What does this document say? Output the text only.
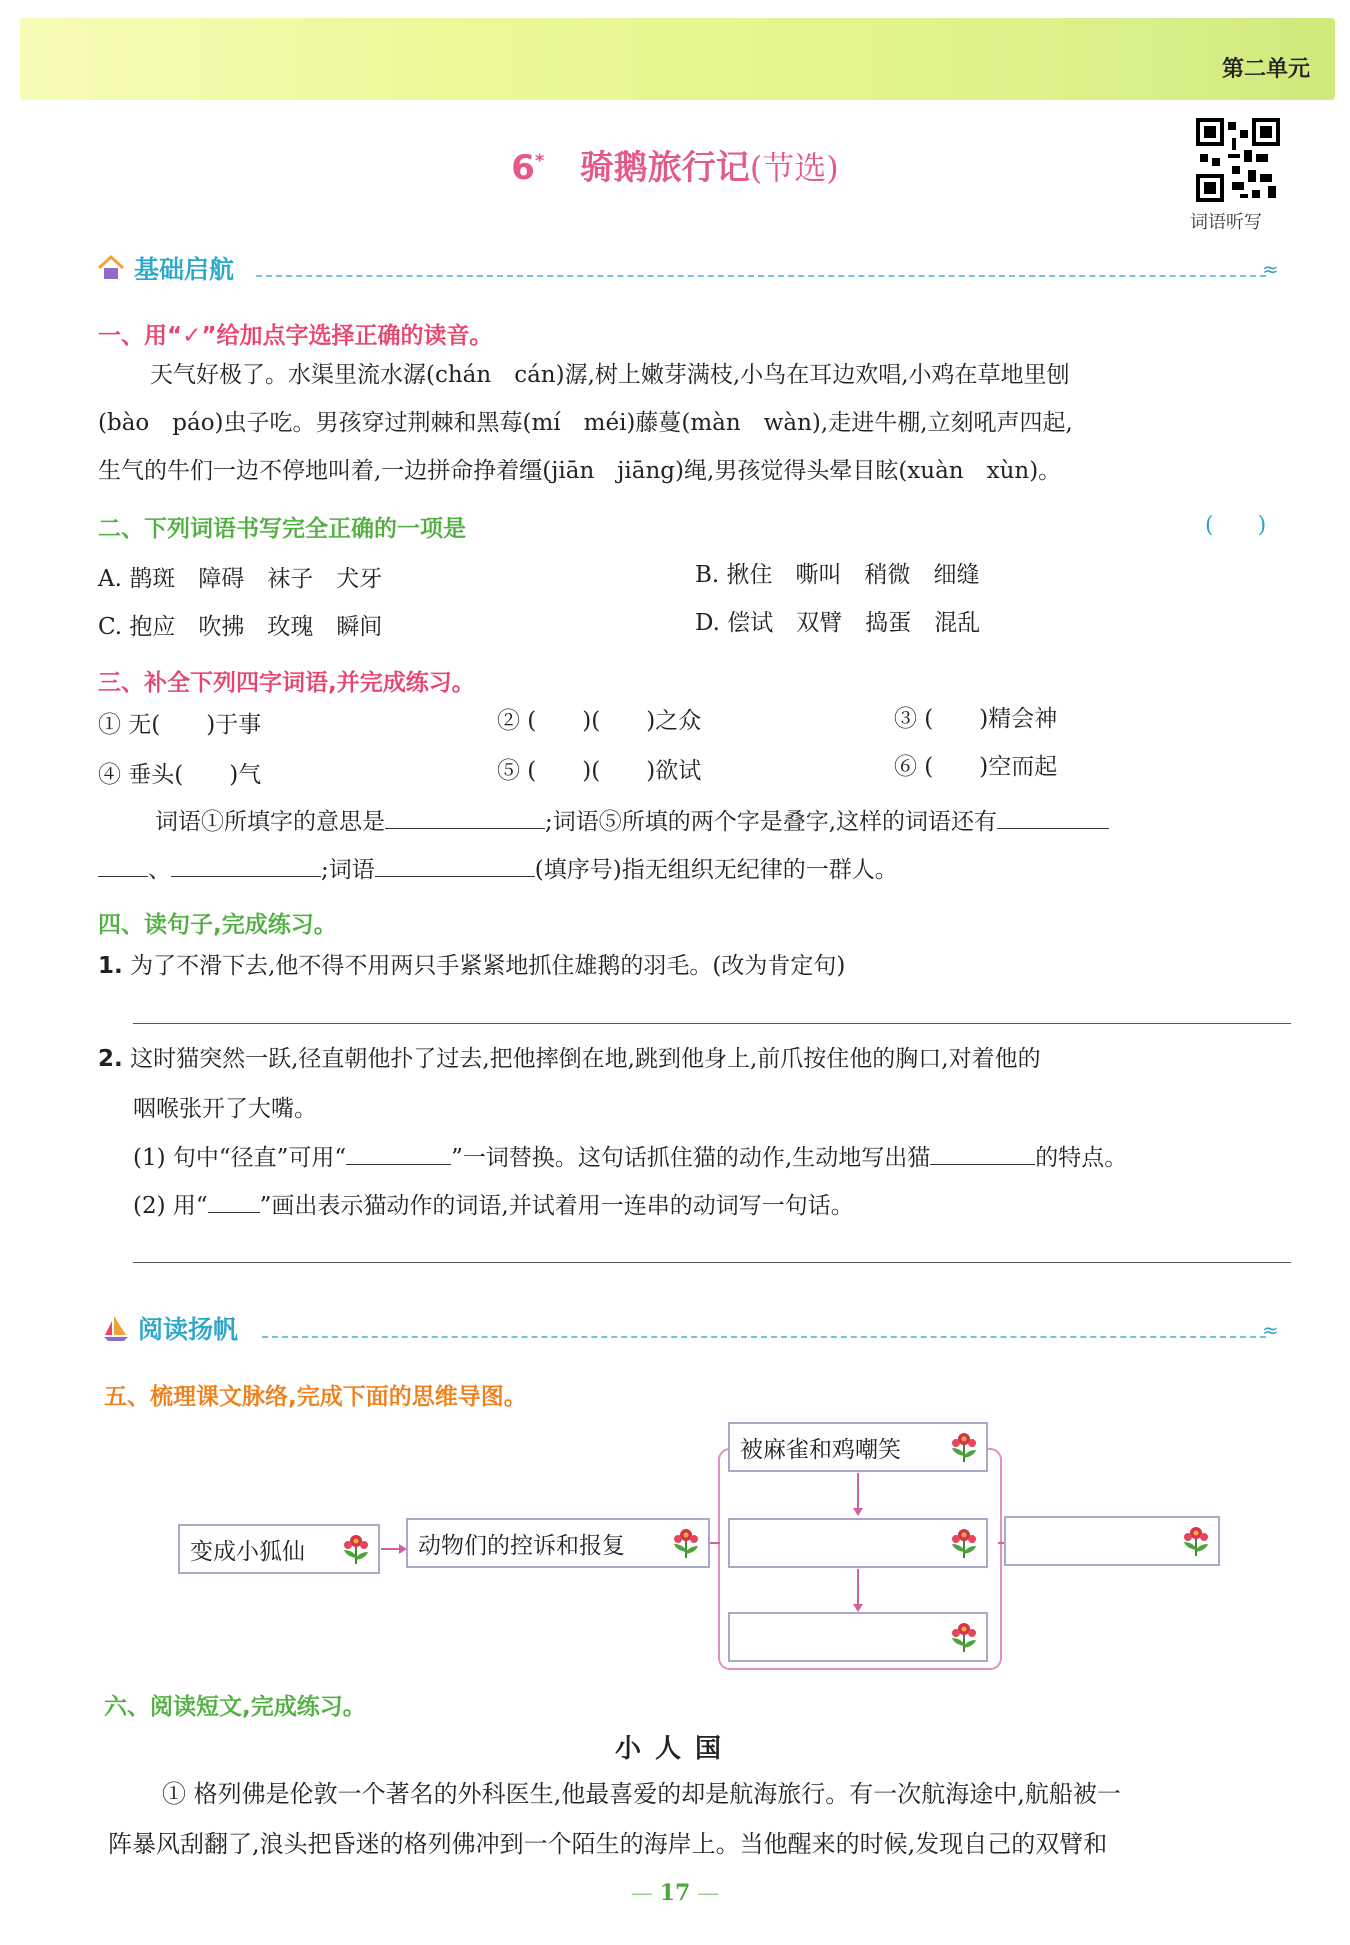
第二单元
6* 骑鹅旅行记(节选)
词语听写
基础启航	≈
一、用“✓”给加点字选择正确的读音。
天气好极了。水渠里流水潺(chán　cán)潺,树上嫩芽满枝,小鸟在耳边欢唱,小鸡在草地里刨
(bào　páo)虫子吃。男孩穿过荆棘和黑莓(mí　méi)藤蔓(màn　wàn),走进牛棚,立刻吼声四起,
生气的牛们一边不停地叫着,一边拼命挣着缰(jiān　jiāng)绳,男孩觉得头晕目眩(xuàn　xùn)。
二、下列词语书写完全正确的一项是	(　　)
A. 鹊斑　障碍　袜子　犬牙	B. 揪住　嘶叫　稍微　细缝
C. 抱应　吹拂　玫瑰　瞬间	D. 偿试　双臂　捣蛋　混乱
三、补全下列四字词语,并完成练习。
① 无(　　)于事	② (　　)(　　)之众	③ (　　)精会神
④ 垂头(　　)气	⑤ (　　)(　　)欲试	⑥ (　　)空而起
词语①所填字的意思是	;词语⑤所填的两个字是叠字,这样的词语还有
、	;词语	(填序号)指无组织无纪律的一群人。
四、读句子,完成练习。
1. 为了不滑下去,他不得不用两只手紧紧地抓住雄鹅的羽毛。(改为肯定句)
2. 这时猫突然一跃,径直朝他扑了过去,把他摔倒在地,跳到他身上,前爪按住他的胸口,对着他的
咽喉张开了大嘴。
(1) 句中“径直”可用“	”一词替换。这句话抓住猫的动作,生动地写出猫	的特点。
(2) 用“ ”画出表示猫动作的词语,并试着用一连串的动词写一句话。
阅读扬帆	≈
五、梳理课文脉络,完成下面的思维导图。
变成小狐仙	动物们的控诉和报复
被麻雀和鸡嘲笑
六、阅读短文,完成练习。
小人国
① 格列佛是伦敦一个著名的外科医生,他最喜爱的却是航海旅行。有一次航海途中,航船被一
阵暴风刮翻了,浪头把昏迷的格列佛冲到一个陌生的海岸上。当他醒来的时候,发现自己的双臂和
— 17 —
